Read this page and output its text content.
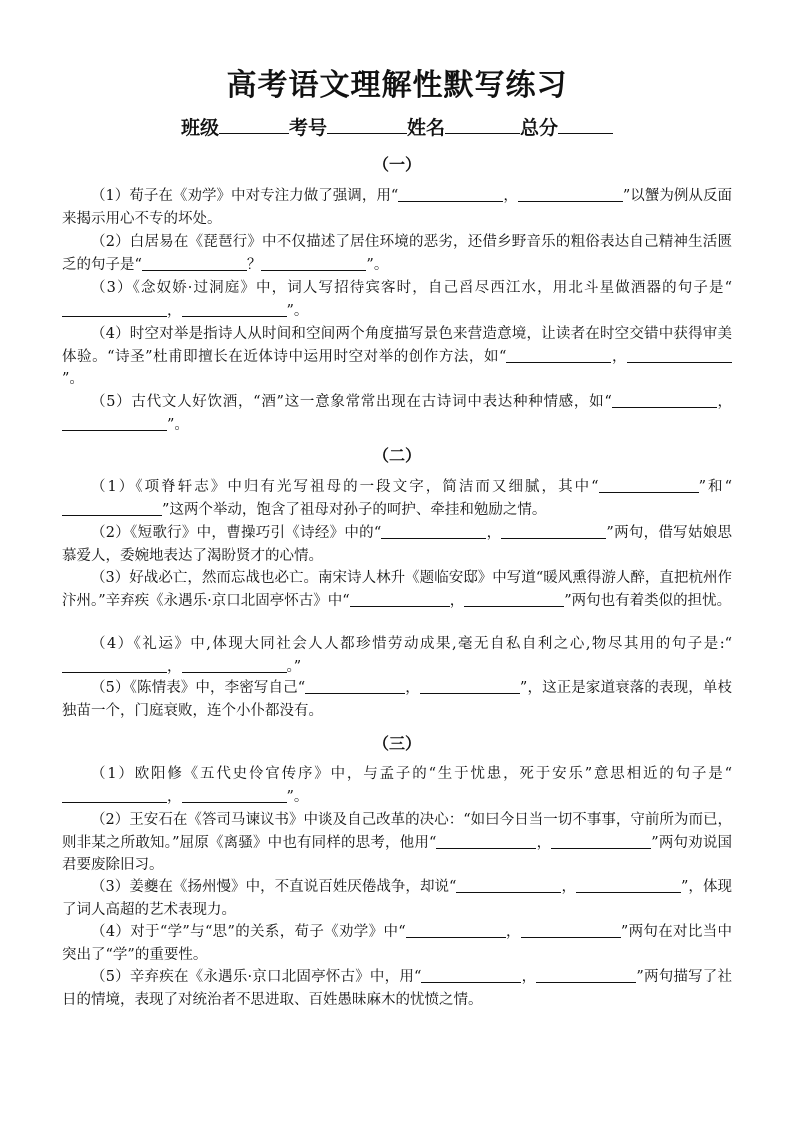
高考语文理解性默写练习
班级	考号	姓名	总分
（一）

（1）荀子在《劝学》中对专注力做了强调，用“	，	”以蟹为例从反面来揭示用心不专的坏处。

（2）白居易在《琵琶行》中不仅描述了居住环境的恶劣，还借乡野音乐的粗俗表达自己精神生活匮乏的句子是“	？	”。

（3）《念奴娇·过洞庭》中，词人写招待宾客时，自己舀尽西江水，用北斗星做酒器的句子是“，	”。

（4）时空对举是指诗人从时间和空间两个角度描写景色来营造意境，让读者在时空交错中获得审美体验。“诗圣”杜甫即擅长在近体诗中运用时空对举的创作方法，如“	，”。

（5）古代文人好饮酒，“酒”这一意象常常出现在古诗词中表达种种情感，如“	，”。

（二）

（1）《项脊轩志》中归有光写祖母的一段文字，简洁而又细腻，其中“	”和“”这两个举动，饱含了祖母对孙子的呵护、牵挂和勉励之情。

（2）《短歌行》中，曹操巧引《诗经》中的“	，	”两句，借写姑娘思慕爱人，委婉地表达了渴盼贤才的心情。

（3）好战必亡，然而忘战也必亡。南宋诗人林升《题临安邸》中写道“暖风熏得游人醉，直把杭州作汴州。”辛弃疾《永遇乐·京口北固亭怀古》中“	，	”两句也有着类似的担忧。

（4）《礼运》中,体现大同社会人人都珍惜劳动成果,毫无自私自利之心,物尽其用的句子是:“，	。”

（5）《陈情表》中，李密写自己“	，	”，这正是家道衰落的表现，单枝独苗一个，门庭衰败，连个小仆都没有。

（三）

（1）欧阳修《五代史伶官传序》中，与孟子的“生于忧患，死于安乐”意思相近的句子是“，	”。

（2）王安石在《答司马谏议书》中谈及自己改革的决心：“如曰今日当一切不事事，守前所为而已，则非某之所敢知。”屈原《离骚》中也有同样的思考，他用“	，	”两句劝说国君要废除旧习。

（3）姜夔在《扬州慢》中，不直说百姓厌倦战争，却说“	，	”，体现了词人高超的艺术表现力。

（4）对于“学”与“思”的关系，荀子《劝学》中“	，	”两句在对比当中突出了“学”的重要性。

（5）辛弃疾在《永遇乐·京口北固亭怀古》中，用“	，	”两句描写了社日的情境，表现了对统治者不思进取、百姓愚昧麻木的忧愤之情。
